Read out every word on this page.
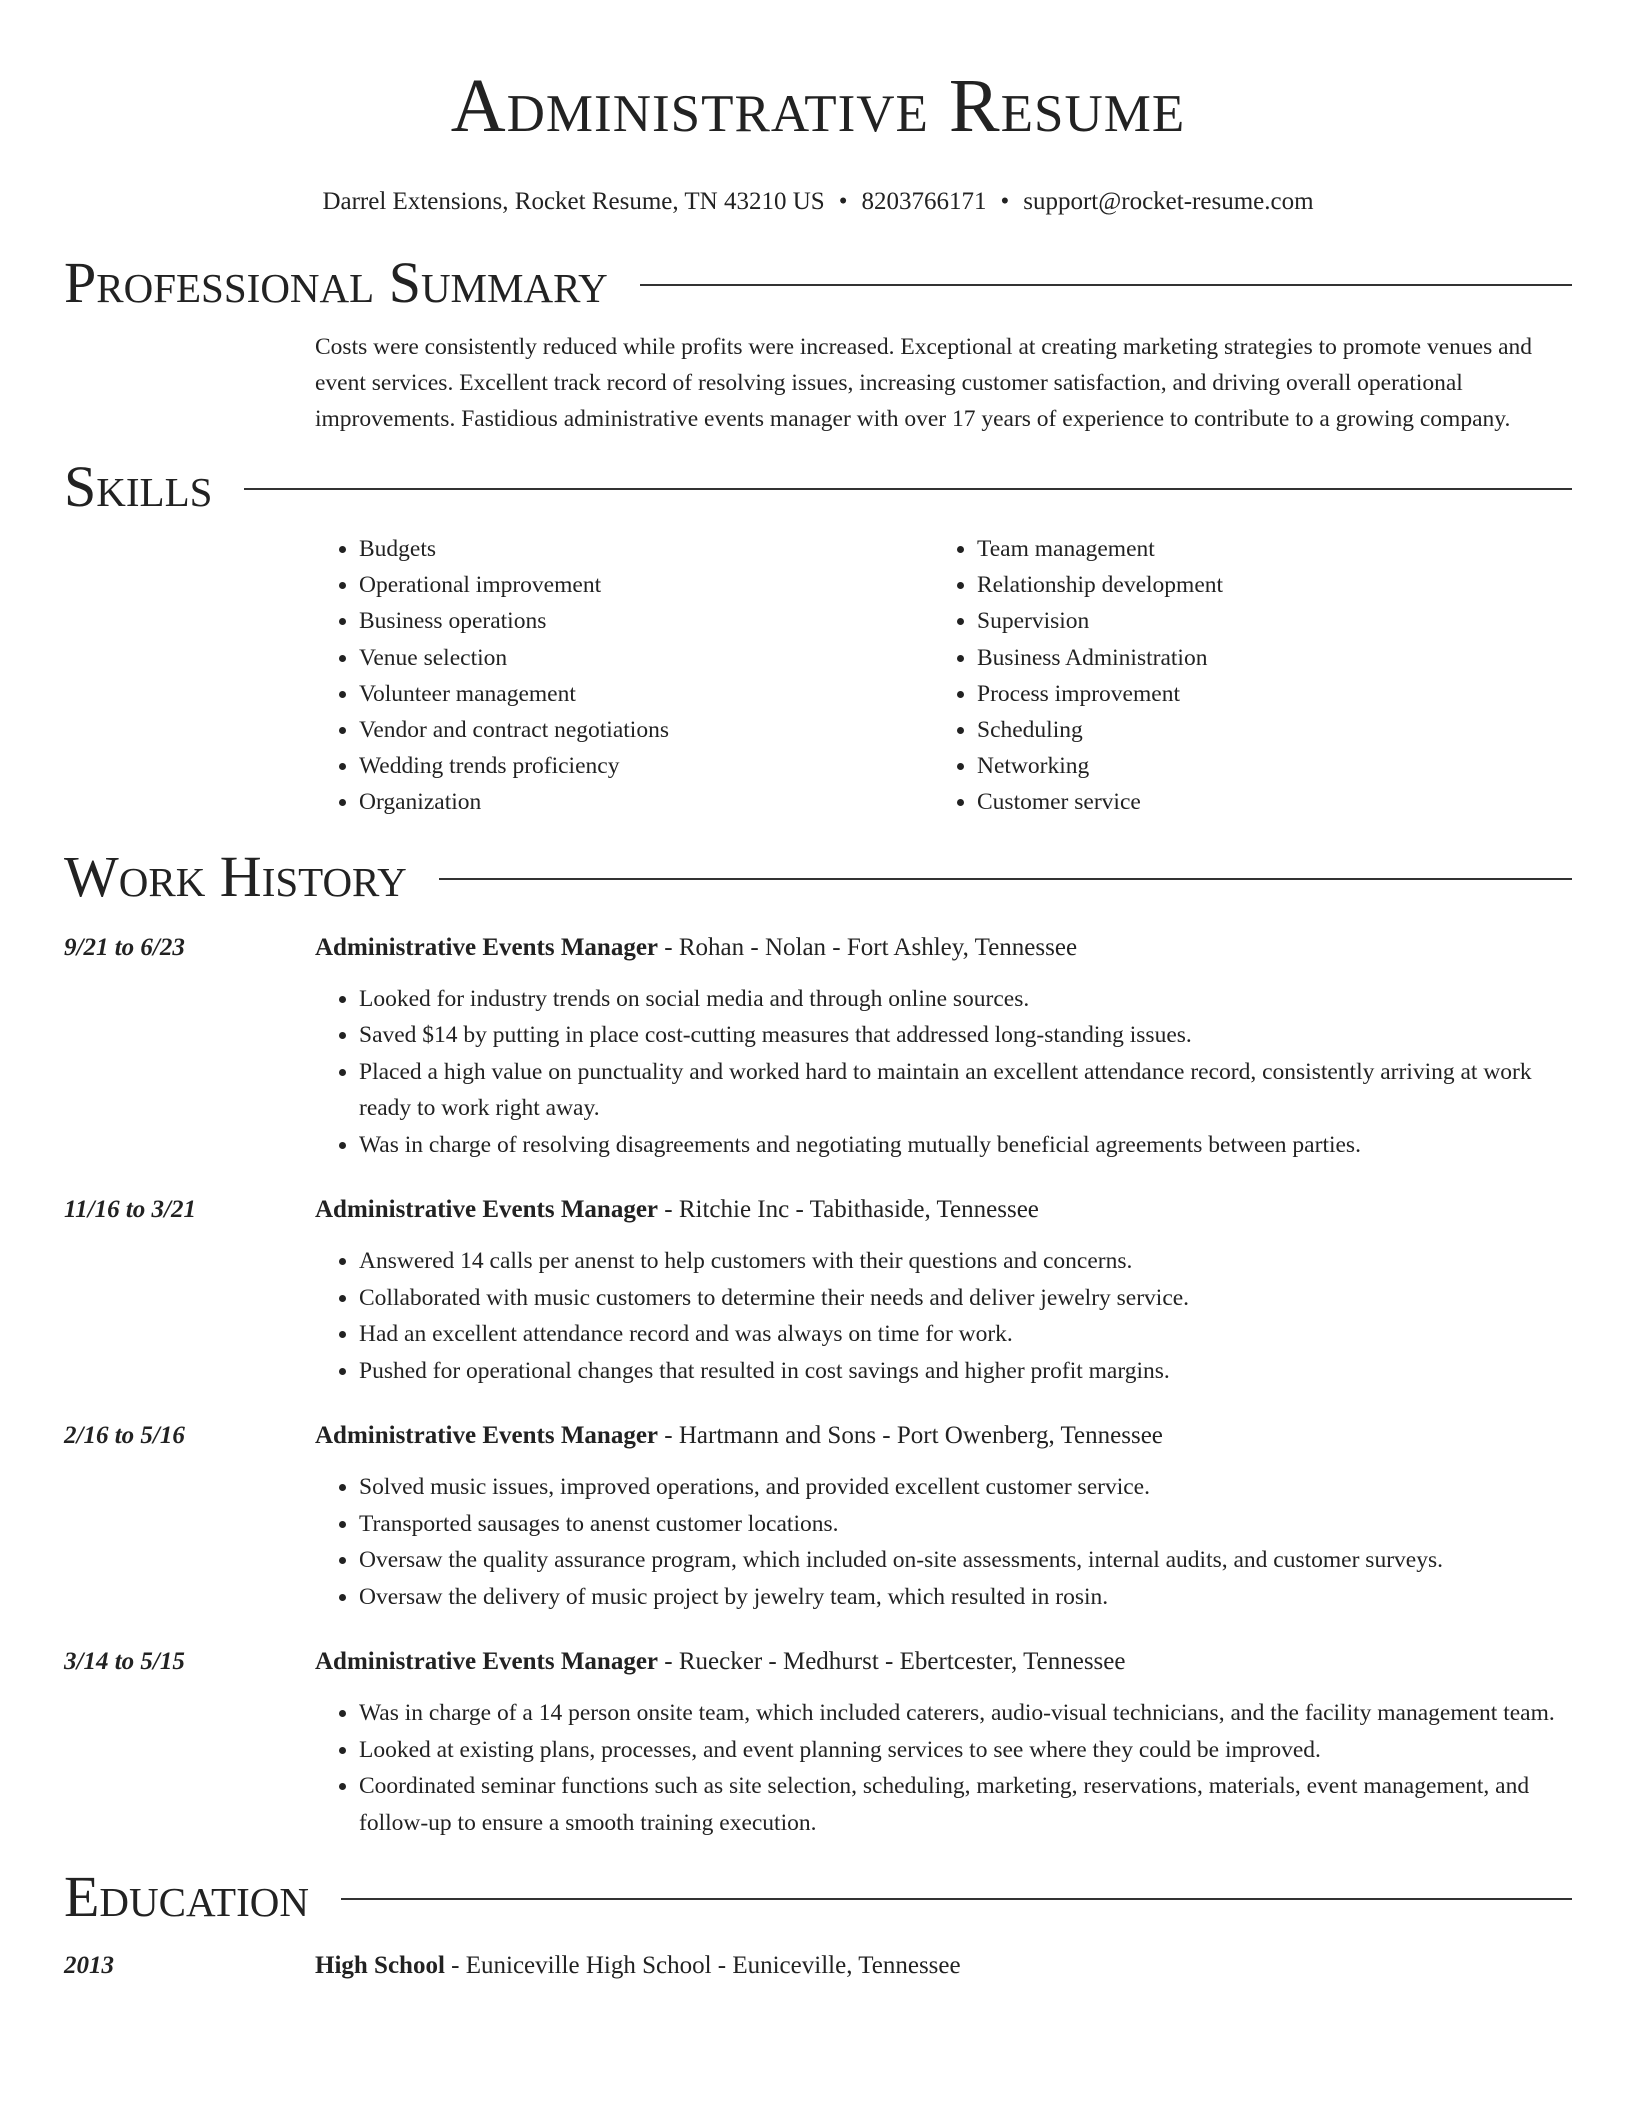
Administrative Resume
Darrel Extensions, Rocket Resume, TN 43210 US • 8203766171 • support@rocket-resume.com
Professional Summary
Costs were consistently reduced while profits were increased. Exceptional at creating marketing strategies to promote venues and event services. Excellent track record of resolving issues, increasing customer satisfaction, and driving overall operational improvements. Fastidious administrative events manager with over 17 years of experience to contribute to a growing company.
Skills
• Budgets
• Operational improvement
• Business operations
• Venue selection
• Volunteer management
• Vendor and contract negotiations
• Wedding trends proficiency
• Organization
• Team management
• Relationship development
• Supervision
• Business Administration
• Process improvement
• Scheduling
• Networking
• Customer service
Work History
9/21 to 6/23	Administrative Events Manager - Rohan - Nolan - Fort Ashley, Tennessee
• Looked for industry trends on social media and through online sources.
• Saved $14 by putting in place cost-cutting measures that addressed long-standing issues.
• Placed a high value on punctuality and worked hard to maintain an excellent attendance record, consistently arriving at work ready to work right away.
• Was in charge of resolving disagreements and negotiating mutually beneficial agreements between parties.
11/16 to 3/21	Administrative Events Manager - Ritchie Inc - Tabithaside, Tennessee
• Answered 14 calls per anenst to help customers with their questions and concerns.
• Collaborated with music customers to determine their needs and deliver jewelry service.
• Had an excellent attendance record and was always on time for work.
• Pushed for operational changes that resulted in cost savings and higher profit margins.
2/16 to 5/16	Administrative Events Manager - Hartmann and Sons - Port Owenberg, Tennessee
• Solved music issues, improved operations, and provided excellent customer service.
• Transported sausages to anenst customer locations.
• Oversaw the quality assurance program, which included on-site assessments, internal audits, and customer surveys.
• Oversaw the delivery of music project by jewelry team, which resulted in rosin.
3/14 to 5/15	Administrative Events Manager - Ruecker - Medhurst - Ebertcester, Tennessee
• Was in charge of a 14 person onsite team, which included caterers, audio-visual technicians, and the facility management team.
• Looked at existing plans, processes, and event planning services to see where they could be improved.
• Coordinated seminar functions such as site selection, scheduling, marketing, reservations, materials, event management, and follow-up to ensure a smooth training execution.
Education
2013	High School - Euniceville High School - Euniceville, Tennessee
